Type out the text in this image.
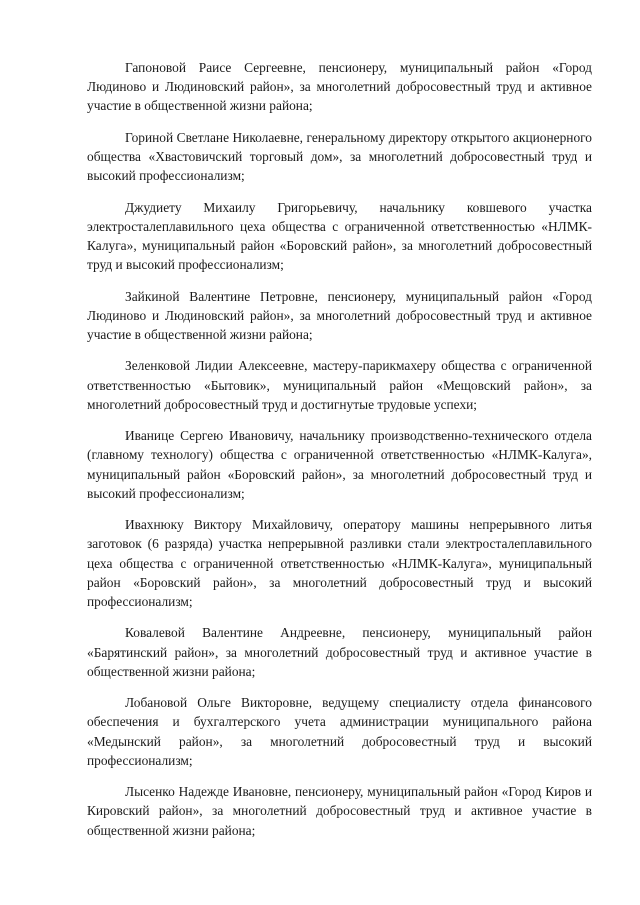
Гапоновой Раисе Сергеевне, пенсионеру, муниципальный район «Город Людиново и Людиновский район», за многолетний добросовестный труд и активное участие в общественной жизни района;

Гориной Светлане Николаевне, генеральному директору открытого акционерного общества «Хвастовичский торговый дом», за многолетний добросовестный труд и высокий профессионализм;

Джудиету Михаилу Григорьевичу, начальнику ковшевого участка электросталеплавильного цеха общества с ограниченной ответственностью «НЛМК-Калуга», муниципальный район «Боровский район», за многолетний добросовестный труд и высокий профессионализм;

Зайкиной Валентине Петровне, пенсионеру, муниципальный район «Город Людиново и Людиновский район», за многолетний добросовестный труд и активное участие в общественной жизни района;

Зеленковой Лидии Алексеевне, мастеру-парикмахеру общества с ограниченной ответственностью «Бытовик», муниципальный район «Мещовский район», за многолетний добросовестный труд и достигнутые трудовые успехи;

Иванице Сергею Ивановичу, начальнику производственно-технического отдела (главному технологу) общества с ограниченной ответственностью «НЛМК-Калуга», муниципальный район «Боровский район», за многолетний добросовестный труд и высокий профессионализм;

Ивахнюку Виктору Михайловичу, оператору машины непрерывного литья заготовок (6 разряда) участка непрерывной разливки стали электросталеплавильного цеха общества с ограниченной ответственностью «НЛМК-Калуга», муниципальный район «Боровский район», за многолетний добросовестный труд и высокий профессионализм;

Ковалевой Валентине Андреевне, пенсионеру, муниципальный район «Барятинский район», за многолетний добросовестный труд и активное участие в общественной жизни района;

Лобановой Ольге Викторовне, ведущему специалисту отдела финансового обеспечения и бухгалтерского учета администрации муниципального района «Медынский район», за многолетний добросовестный труд и высокий профессионализм;

Лысенко Надежде Ивановне, пенсионеру, муниципальный район «Город Киров и Кировский район», за многолетний добросовестный труд и активное участие в общественной жизни района;
